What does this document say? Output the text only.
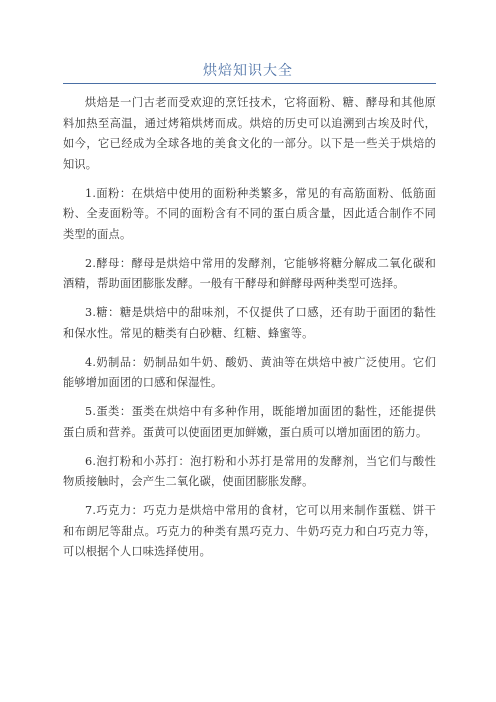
烘焙知识大全

烘焙是一门古老而受欢迎的烹饪技术，它将面粉、糖、酵母和其他原料加热至高温，通过烤箱烘烤而成。烘焙的历史可以追溯到古埃及时代，如今，它已经成为全球各地的美食文化的一部分。以下是一些关于烘焙的知识。

1.面粉：在烘焙中使用的面粉种类繁多，常见的有高筋面粉、低筋面粉、全麦面粉等。不同的面粉含有不同的蛋白质含量，因此适合制作不同类型的面点。

2.酵母：酵母是烘焙中常用的发酵剂，它能够将糖分解成二氧化碳和酒精，帮助面团膨胀发酵。一般有干酵母和鲜酵母两种类型可选择。

3.糖：糖是烘焙中的甜味剂，不仅提供了口感，还有助于面团的黏性和保水性。常见的糖类有白砂糖、红糖、蜂蜜等。

4.奶制品：奶制品如牛奶、酸奶、黄油等在烘焙中被广泛使用。它们能够增加面团的口感和保湿性。

5.蛋类：蛋类在烘焙中有多种作用，既能增加面团的黏性，还能提供蛋白质和营养。蛋黄可以使面团更加鲜嫩，蛋白质可以增加面团的筋力。

6.泡打粉和小苏打：泡打粉和小苏打是常用的发酵剂，当它们与酸性物质接触时，会产生二氧化碳，使面团膨胀发酵。

7.巧克力：巧克力是烘焙中常用的食材，它可以用来制作蛋糕、饼干和布朗尼等甜点。巧克力的种类有黑巧克力、牛奶巧克力和白巧克力等，可以根据个人口味选择使用。
